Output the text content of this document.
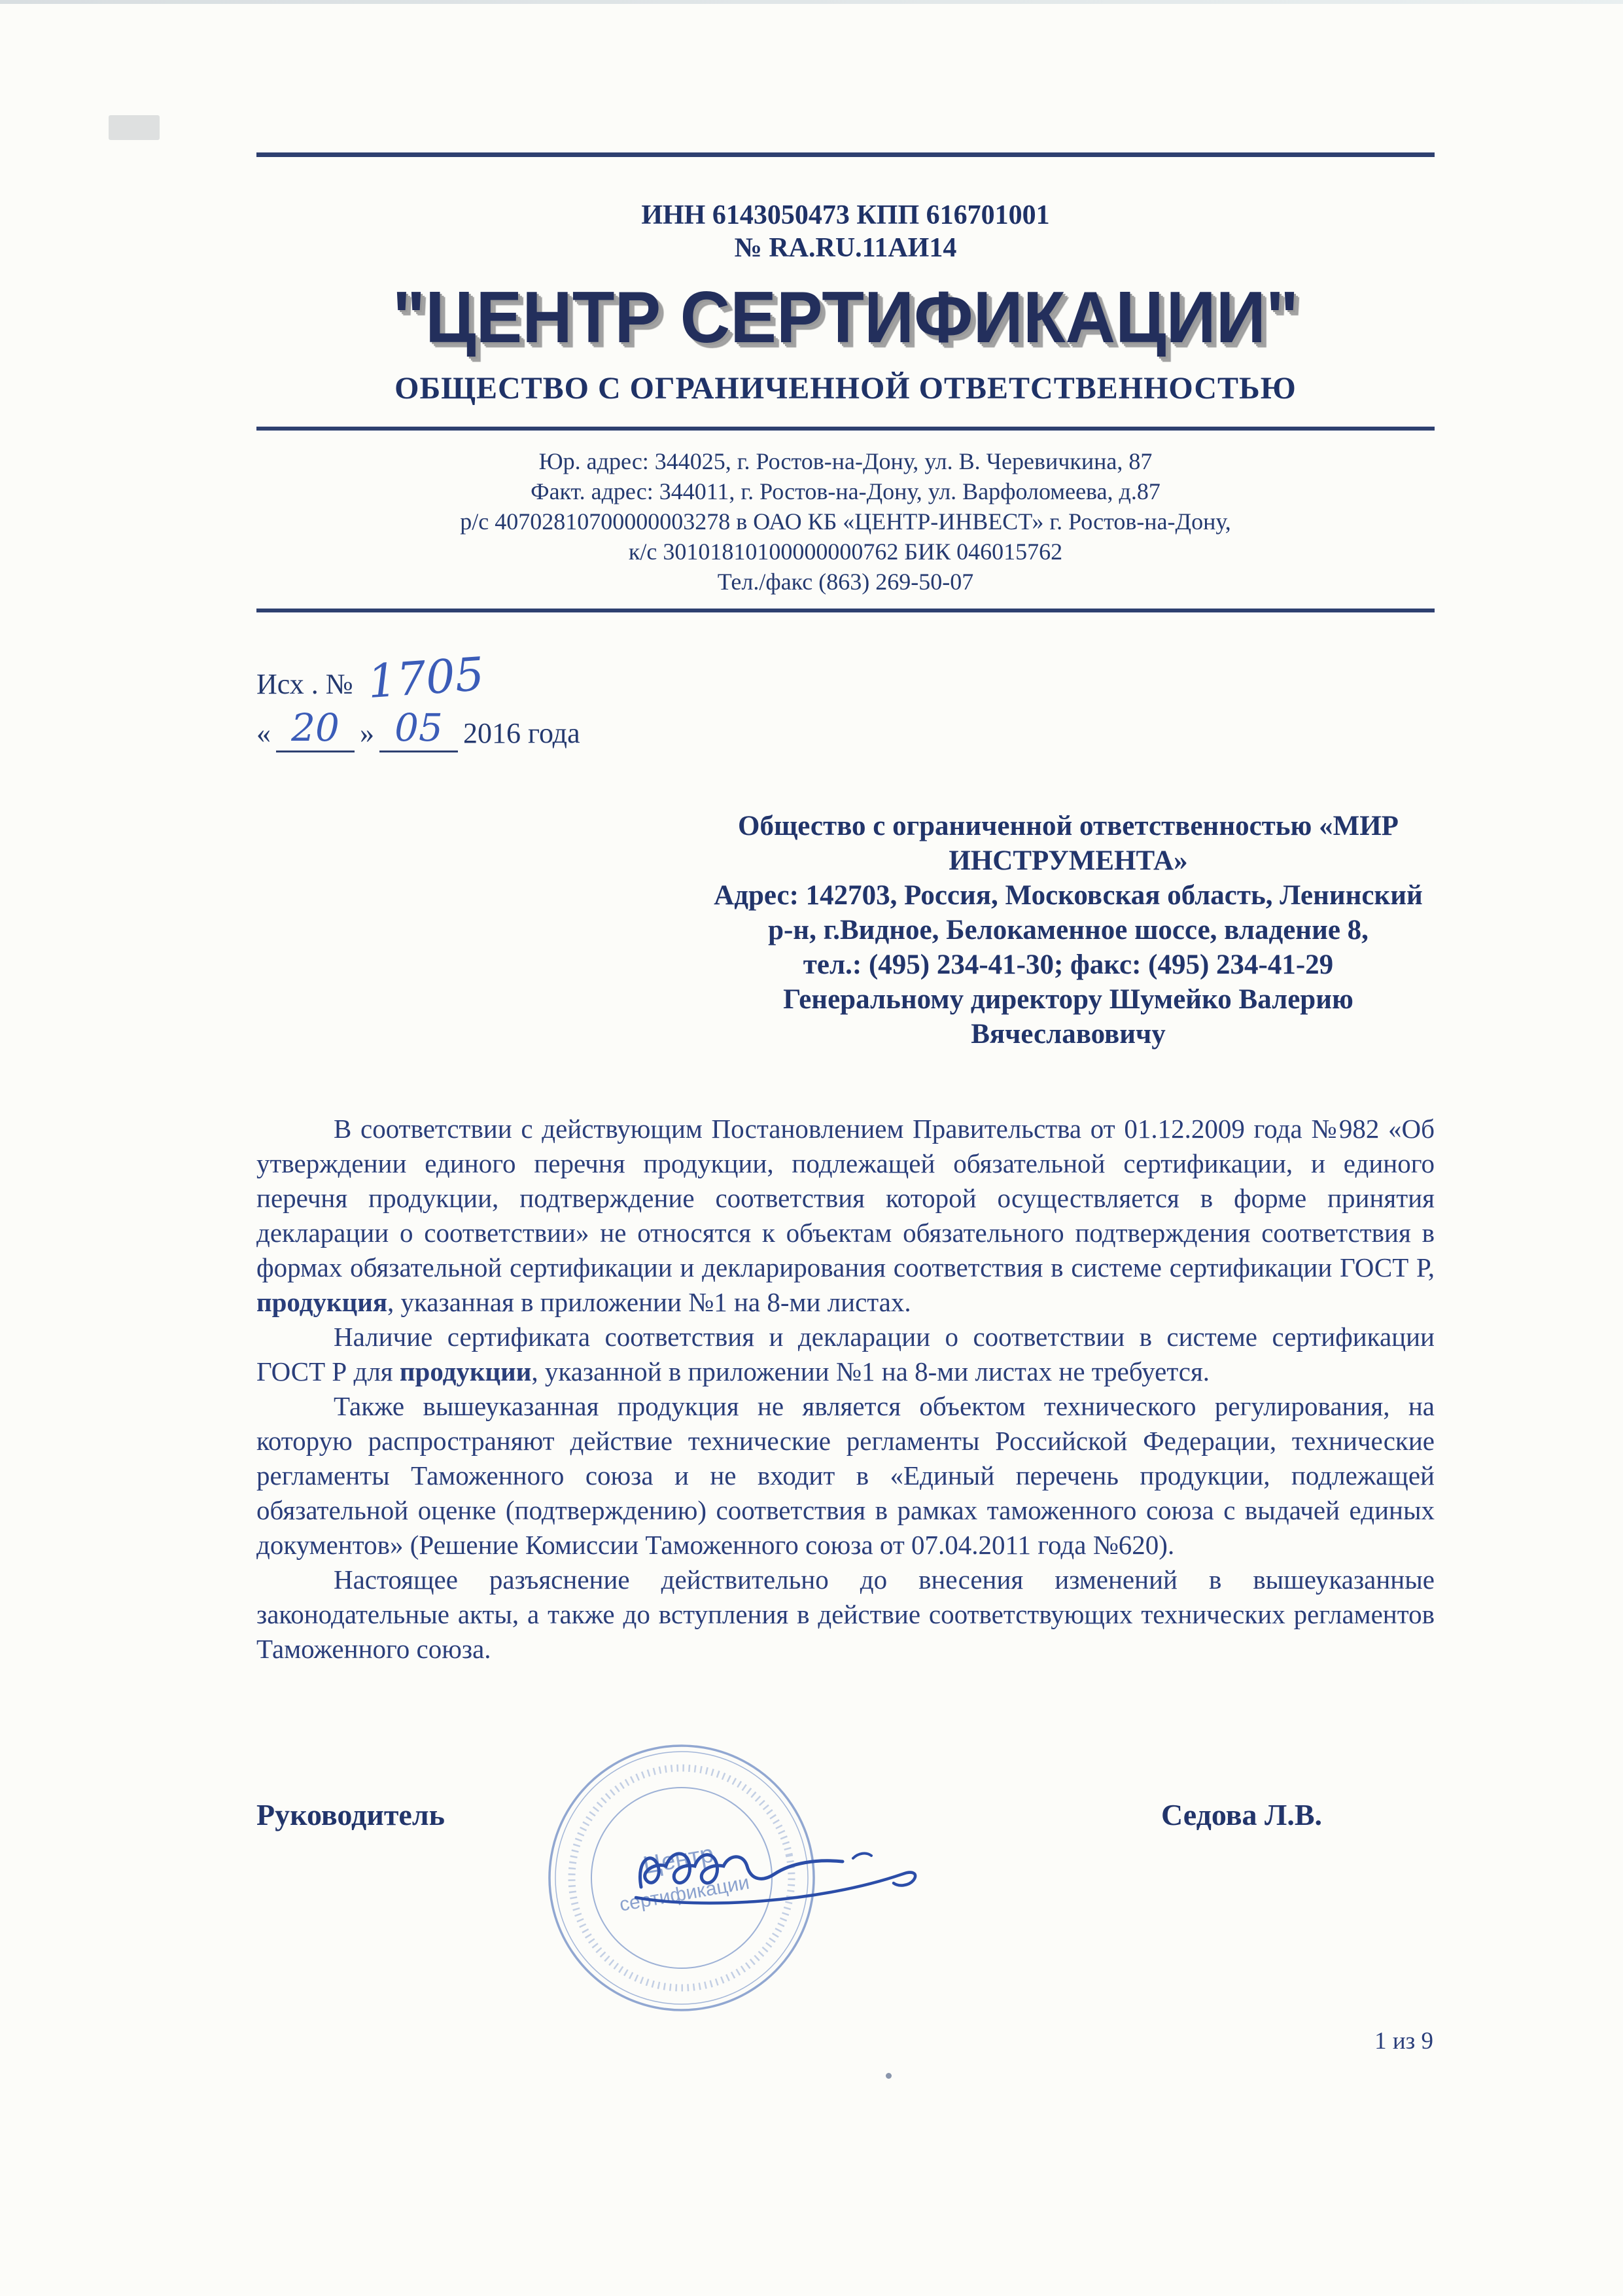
ИНН 6143050473 КПП 616701001
№ RA.RU.11АИ14
"ЦЕНТР СЕРТИФИКАЦИИ"
ОБЩЕСТВО С ОГРАНИЧЕННОЙ ОТВЕТСТВЕННОСТЬЮ
Юр. адрес: 344025, г. Ростов-на-Дону, ул. В. Черевичкина, 87
Факт. адрес: 344011, г. Ростов-на-Дону, ул. Варфоломеева, д.87
р/с 40702810700000003278 в ОАО КБ «ЦЕНТР-ИНВЕСТ» г. Ростов-на-Дону,
к/с 30101810100000000762 БИК 046015762
Тел./факс (863) 269-50-07
Исх . № 1705
« 20 » 05 2016 года
Общество с ограниченной ответственностью «МИР ИНСТРУМЕНТА»
Адрес: 142703, Россия, Московская область, Ленинский р-н, г.Видное, Белокаменное шоссе, владение 8,
тел.: (495) 234-41-30; факс: (495) 234-41-29
Генеральному директору Шумейко Валерию Вячеславовичу

В соответствии с действующим Постановлением Правительства от 01.12.2009 года №982 «Об утверждении единого перечня продукции, подлежащей обязательной сертификации, и единого перечня продукции, подтверждение соответствия которой осуществляется в форме принятия декларации о соответствии» не относятся к объектам обязательного подтверждения соответствия в формах обязательной сертификации и декларирования соответствия в системе сертификации ГОСТ Р, продукция, указанная в приложении №1 на 8-ми листах.

Наличие сертификата соответствия и декларации о соответствии в системе сертификации ГОСТ Р для продукции, указанной в приложении №1 на 8-ми листах не требуется.

Также вышеуказанная продукция не является объектом технического регулирования, на которую распространяют действие технические регламенты Российской Федерации, технические регламенты Таможенного союза и не входит в «Единый перечень продукции, подлежащей обязательной оценке (подтверждению) соответствия в рамках таможенного союза с выдачей единых документов» (Решение Комиссии Таможенного союза от 07.04.2011 года №620).

Настоящее разъяснение действительно до внесения изменений в вышеуказанные законодательные акты, а также до вступления в действие соответствующих технических регламентов Таможенного союза.

Руководитель	Седова Л.В.
Центр
сертификации
1 из 9
